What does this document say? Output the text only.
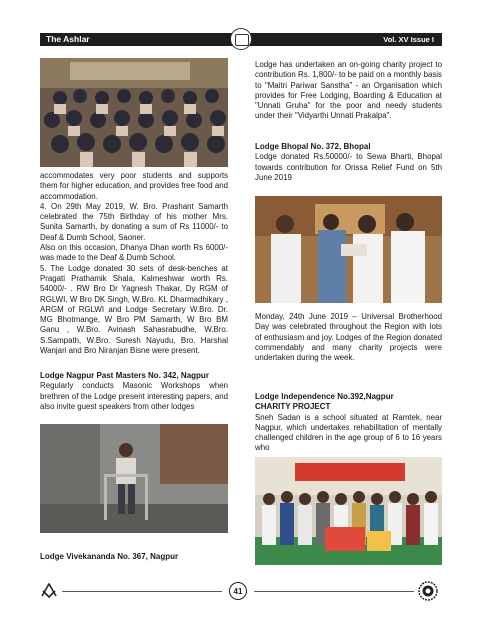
The Ashlar	Vol. XV Issue I

accommodates very poor students and supports them for higher education, and provides free food and accommodation.

4. On 29th May 2019, W. Bro. Prashant Samarth celebrated the 75th Birthday of his mother Mrs. Sunita Samarth, by donating a sum of Rs 11000/- to Deaf & Dumb School, Saoner.

Also on this occasion, Dhanya Dhan worth Rs 6000/- was made to the Deaf & Dumb School.

5. The Lodge donated 30 sets of desk-benches at Pragati Prathamik Shala, Kalmeshwar worth Rs. 54000/- . RW Bro Dr Yagnesh Thakar, Dy RGM of RGLWI, W Bro DK Singh, W.Bro. KL Dharmadhikary , ARGM of RGLWI and Lodge Secretary W.Bro. Dr. MG Bhotmange, W Bro PM Samarth, W Bro BM Ganu , W.Bro. Avinash Sahasrabudhe, W.Bro. S.Sampath, W.Bro. Suresh Nayudu, Bro. Harshal Wanjari and Bro Niranjan Bisne were present.

Lodge Nagpur Past Masters No. 342, Nagpur

Regularly conducts Masonic Workshops when brethren of the Lodge present interesting papers, and also invite guest speakers from other lodges

Lodge Vivekananda No. 367, Nagpur

Lodge has undertaken an on-going charity project to contribution Rs. 1,800/- to be paid on a monthly basis to "Maitri Pariwar Sanstha" - an Organisation which provides for Free Lodging, Boarding & Education at "Unnati Gruha" for the poor and needy students under their "Vidyarthi Unnati Prakalpa".

Lodge Bhopal No. 372, Bhopal

Lodge donated Rs.50000/- to Sewa Bharti, Bhopal towards contribution for Orissa Relief Fund on 5th June 2019

Monday, 24th June 2019 – Universal Brotherhood Day was celebrated throughout the Region with lots of enthusiasm and joy. Lodges of the Region donated commendably and many charity projects were undertaken during the week.

Lodge Independence No.392,Nagpur

CHARITY PROJECT

Sneh Sadan is a school situated at Ramtek, near Nagpur, which undertakes rehabilitation of mentally challenged children in the age group of 6 to 16 years who

41
